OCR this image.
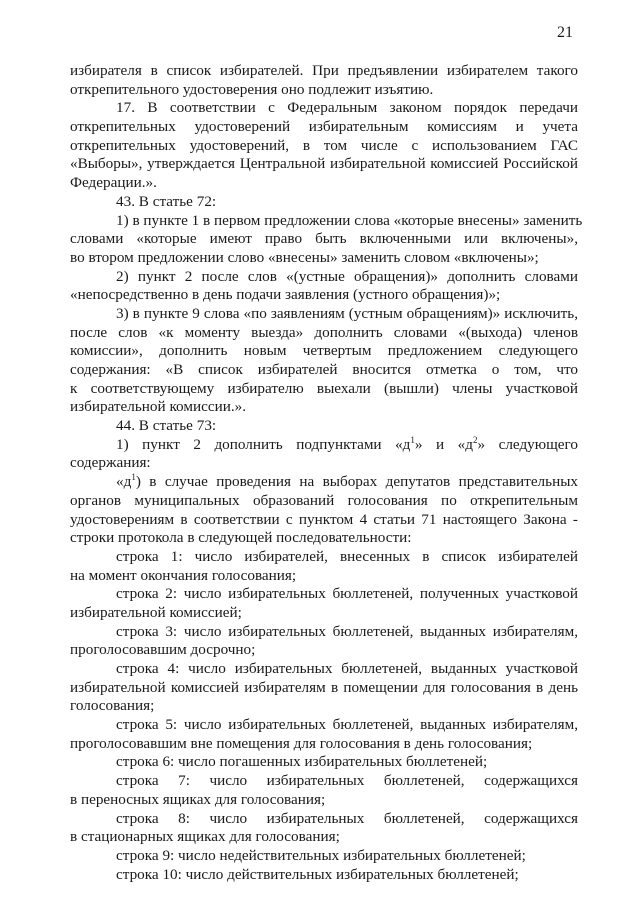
21
избирателя в список избирателей. При предъявлении избирателем такого
открепительного удостоверения оно подлежит изъятию.
17. В соответствии с Федеральным законом порядок передачи
открепительных удостоверений избирательным комиссиям и учета
открепительных удостоверений, в том числе с использованием ГАС
«Выборы», утверждается Центральной избирательной комиссией Российской
Федерации.».
43. В статье 72:
1) в пункте 1 в первом предложении слова «которые внесены» заменить
словами «которые имеют право быть включенными или включены»,
во втором предложении слово «внесены» заменить словом «включены»;
2) пункт 2 после слов «(устные обращения)» дополнить словами
«непосредственно в день подачи заявления (устного обращения)»;
3) в пункте 9 слова «по заявлениям (устным обращениям)» исключить,
после слов «к моменту выезда» дополнить словами «(выхода) членов
комиссии», дополнить новым четвертым предложением следующего
содержания: «В список избирателей вносится отметка о том, что
к соответствующему избирателю выехали (вышли) члены участковой
избирательной комиссии.».
44. В статье 73:
1) пункт 2 дополнить подпунктами «$д^1$» и «$д^2$» следующего
содержания:
«$д^1$) в случае проведения на выборах депутатов представительных
органов муниципальных образований голосования по открепительным
удостоверениям в соответствии с пунктом 4 статьи 71 настоящего Закона -
строки протокола в следующей последовательности:
строка 1: число избирателей, внесенных в список избирателей
на момент окончания голосования;
строка 2: число избирательных бюллетеней, полученных участковой
избирательной комиссией;
строка 3: число избирательных бюллетеней, выданных избирателям,
проголосовавшим досрочно;
строка 4: число избирательных бюллетеней, выданных участковой
избирательной комиссией избирателям в помещении для голосования в день
голосования;
строка 5: число избирательных бюллетеней, выданных избирателям,
проголосовавшим вне помещения для голосования в день голосования;
строка 6: число погашенных избирательных бюллетеней;
строка 7: число избирательных бюллетеней, содержащихся
в переносных ящиках для голосования;
строка 8: число избирательных бюллетеней, содержащихся
в стационарных ящиках для голосования;
строка 9: число недействительных избирательных бюллетеней;
строка 10: число действительных избирательных бюллетеней;
